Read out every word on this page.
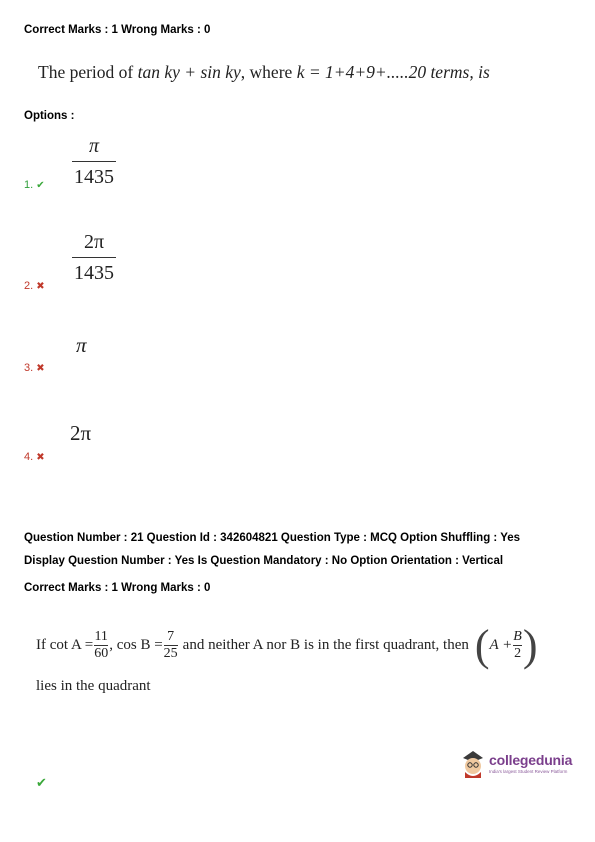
Correct Marks : 1 Wrong Marks : 0
The period of tan ky + sin ky, where k = 1+4+9+.....20 terms, is
Options :
π
1435
1. ✔
2π
1435
2. ✖
π
3. ✖
2π
4. ✖
Question Number : 21 Question Id : 342604821 Question Type : MCQ Option Shuffling : Yes
Display Question Number : Yes Is Question Mandatory : No Option Orientation : Vertical
Correct Marks : 1 Wrong Marks : 0
If cot A =
11
60
, cos B =
7
25
and neither A nor B is in the first quadrant, then ( A +
B
2 )
lies in the quadrant
collegedunia
India's largest Student Review Platform
✔
